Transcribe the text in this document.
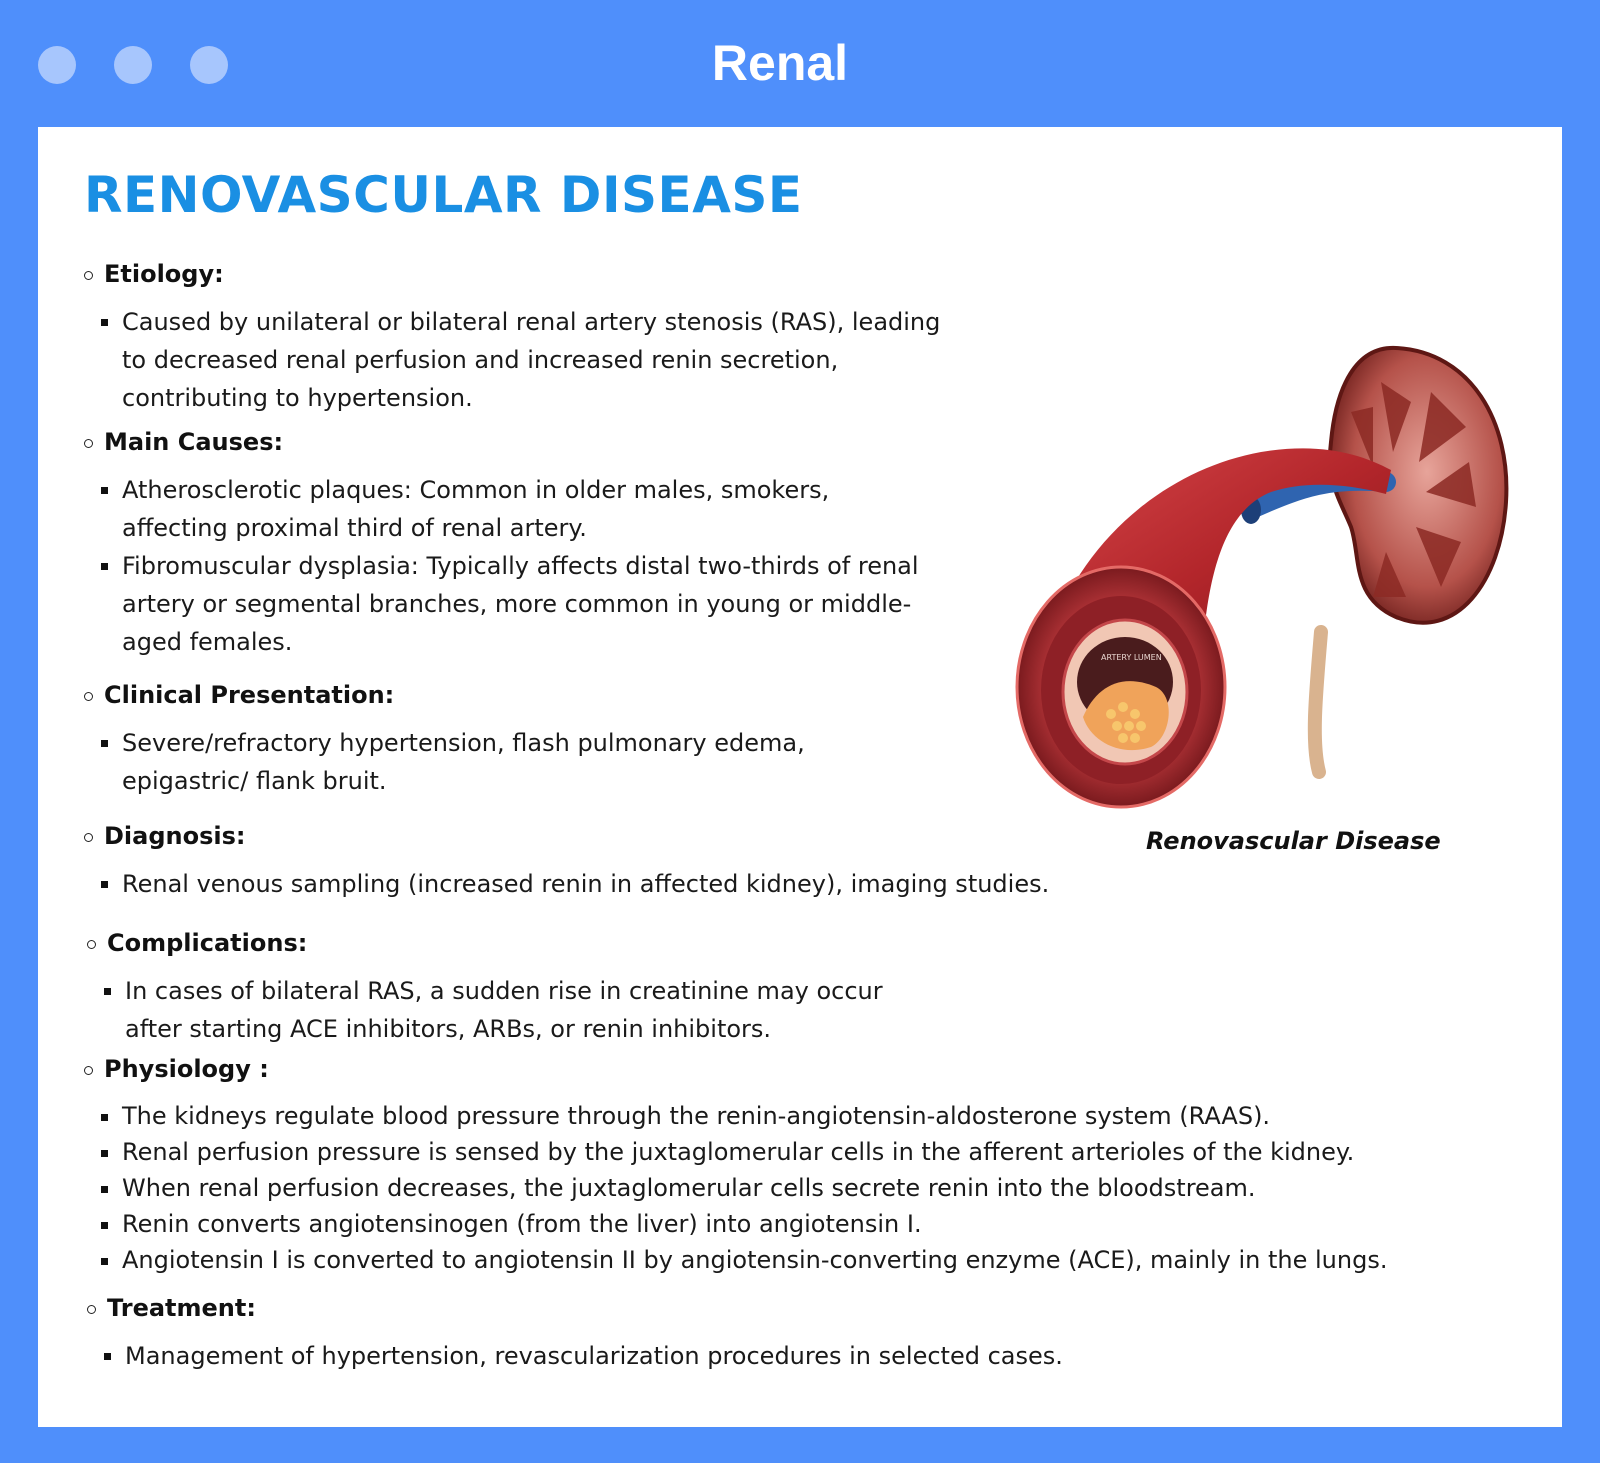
Renal
RENOVASCULAR DISEASE
Etiology:
Caused by unilateral or bilateral renal artery stenosis (RAS), leading to decreased renal perfusion and increased renin secretion, contributing to hypertension.
Main Causes:
Atherosclerotic plaques: Common in older males, smokers, affecting proximal third of renal artery.
Fibromuscular dysplasia: Typically affects distal two-thirds of renal artery or segmental branches, more common in young or middle-aged females.
Clinical Presentation:
Severe/refractory hypertension, flash pulmonary edema, epigastric/ flank bruit.
Diagnosis:
Renal venous sampling (increased renin in affected kidney), imaging studies.
Complications:
In cases of bilateral RAS, a sudden rise in creatinine may occur after starting ACE inhibitors, ARBs, or renin inhibitors.
Physiology :
The kidneys regulate blood pressure through the renin-angiotensin-aldosterone system (RAAS).
Renal perfusion pressure is sensed by the juxtaglomerular cells in the afferent arterioles of the kidney.
When renal perfusion decreases, the juxtaglomerular cells secrete renin into the bloodstream.
Renin converts angiotensinogen (from the liver) into angiotensin I.
Angiotensin I is converted to angiotensin II by angiotensin-converting enzyme (ACE), mainly in the lungs.
Treatment:
Management of hypertension, revascularization procedures in selected cases.
ARTERY LUMEN
Renovascular Disease
